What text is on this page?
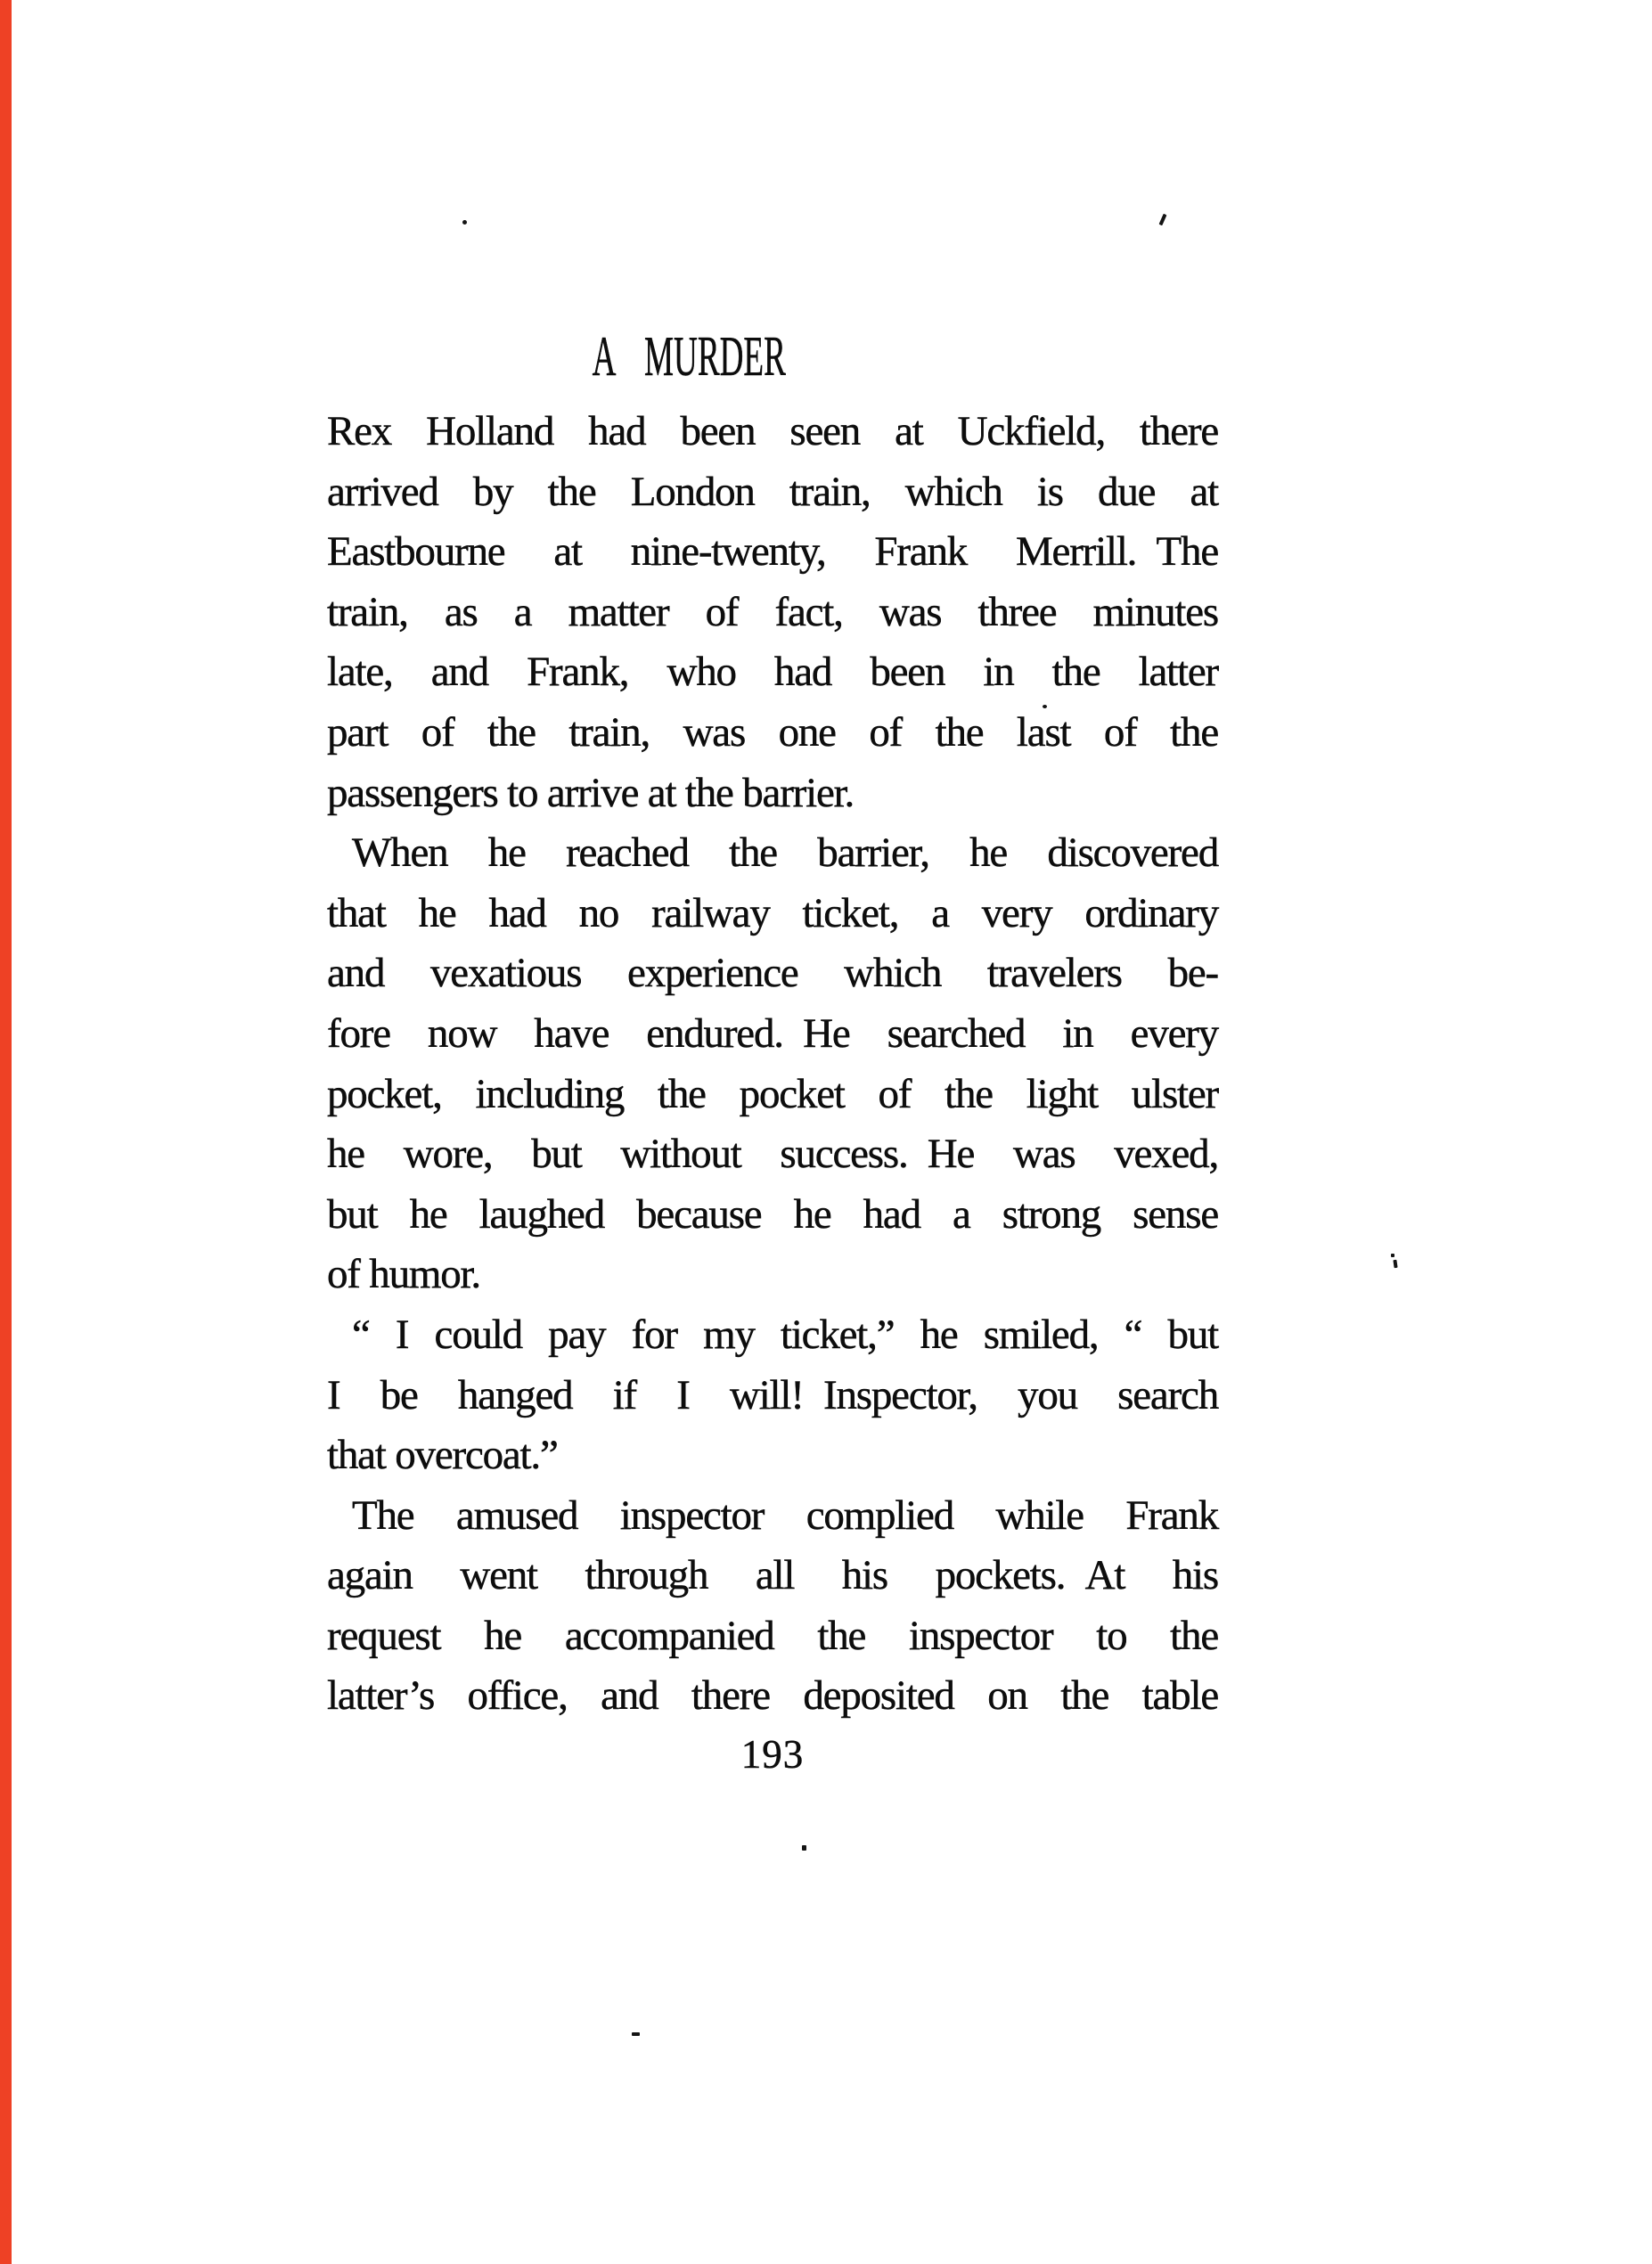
A MURDER
Rex Holland had been seen at Uckfield, there
arrived by the London train, which is due at
Eastbourne at nine-twenty, Frank Merrill. The
train, as a matter of fact, was three minutes
late, and Frank, who had been in the latter
part of the train, was one of the last of the
passengers to arrive at the barrier.
When he reached the barrier, he discovered
that he had no railway ticket, a very ordinary
and vexatious experience which travelers be-
fore now have endured. He searched in every
pocket, including the pocket of the light ulster
he wore, but without success. He was vexed,
but he laughed because he had a strong sense
of humor.
“ I could pay for my ticket,” he smiled, “ but
I be hanged if I will! Inspector, you search
that overcoat.”
The amused inspector complied while Frank
again went through all his pockets. At his
request he accompanied the inspector to the
latter’s office, and there deposited on the table
193
